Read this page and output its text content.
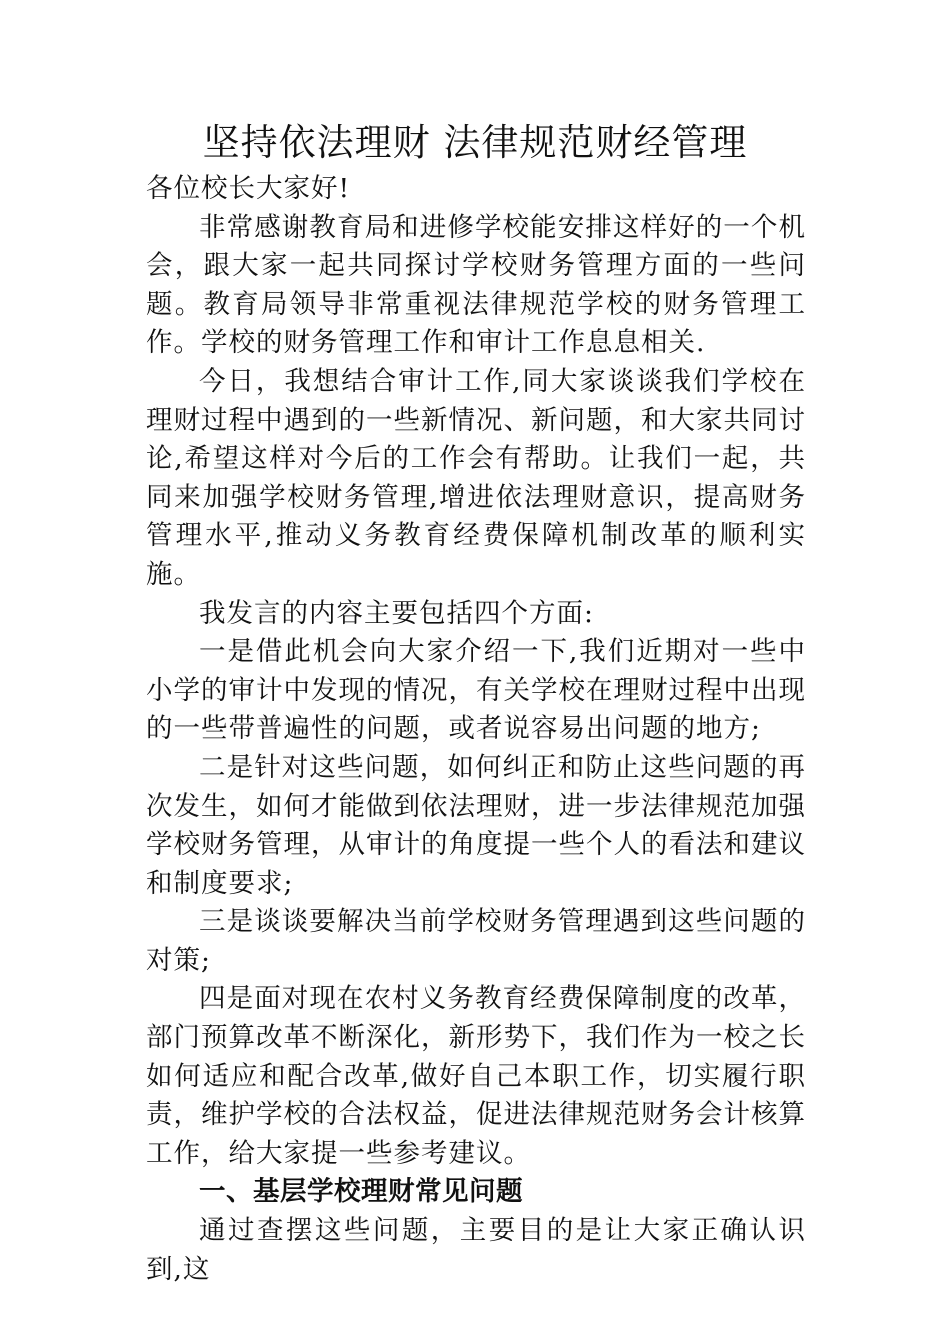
坚持依法理财 法律规范财经管理

各位校长大家好!

非常感谢教育局和进修学校能安排这样好的一个机会，跟大家一起共同探讨学校财务管理方面的一些问题。教育局领导非常重视法律规范学校的财务管理工作。学校的财务管理工作和审计工作息息相关.

今日，我想结合审计工作,同大家谈谈我们学校在理财过程中遇到的一些新情况、新问题，和大家共同讨论,希望这样对今后的工作会有帮助。让我们一起，共同来加强学校财务管理,增进依法理财意识，提高财务管理水平,推动义务教育经费保障机制改革的顺利实施。

我发言的内容主要包括四个方面:

一是借此机会向大家介绍一下,我们近期对一些中小学的审计中发现的情况，有关学校在理财过程中出现的一些带普遍性的问题，或者说容易出问题的地方;

二是针对这些问题，如何纠正和防止这些问题的再次发生，如何才能做到依法理财，进一步法律规范加强学校财务管理，从审计的角度提一些个人的看法和建议和制度要求;

三是谈谈要解决当前学校财务管理遇到这些问题的对策;

四是面对现在农村义务教育经费保障制度的改革，部门预算改革不断深化，新形势下，我们作为一校之长如何适应和配合改革,做好自己本职工作，切实履行职责，维护学校的合法权益，促进法律规范财务会计核算工作，给大家提一些参考建议。

一、基层学校理财常见问题

通过查摆这些问题，主要目的是让大家正确认识到,这
